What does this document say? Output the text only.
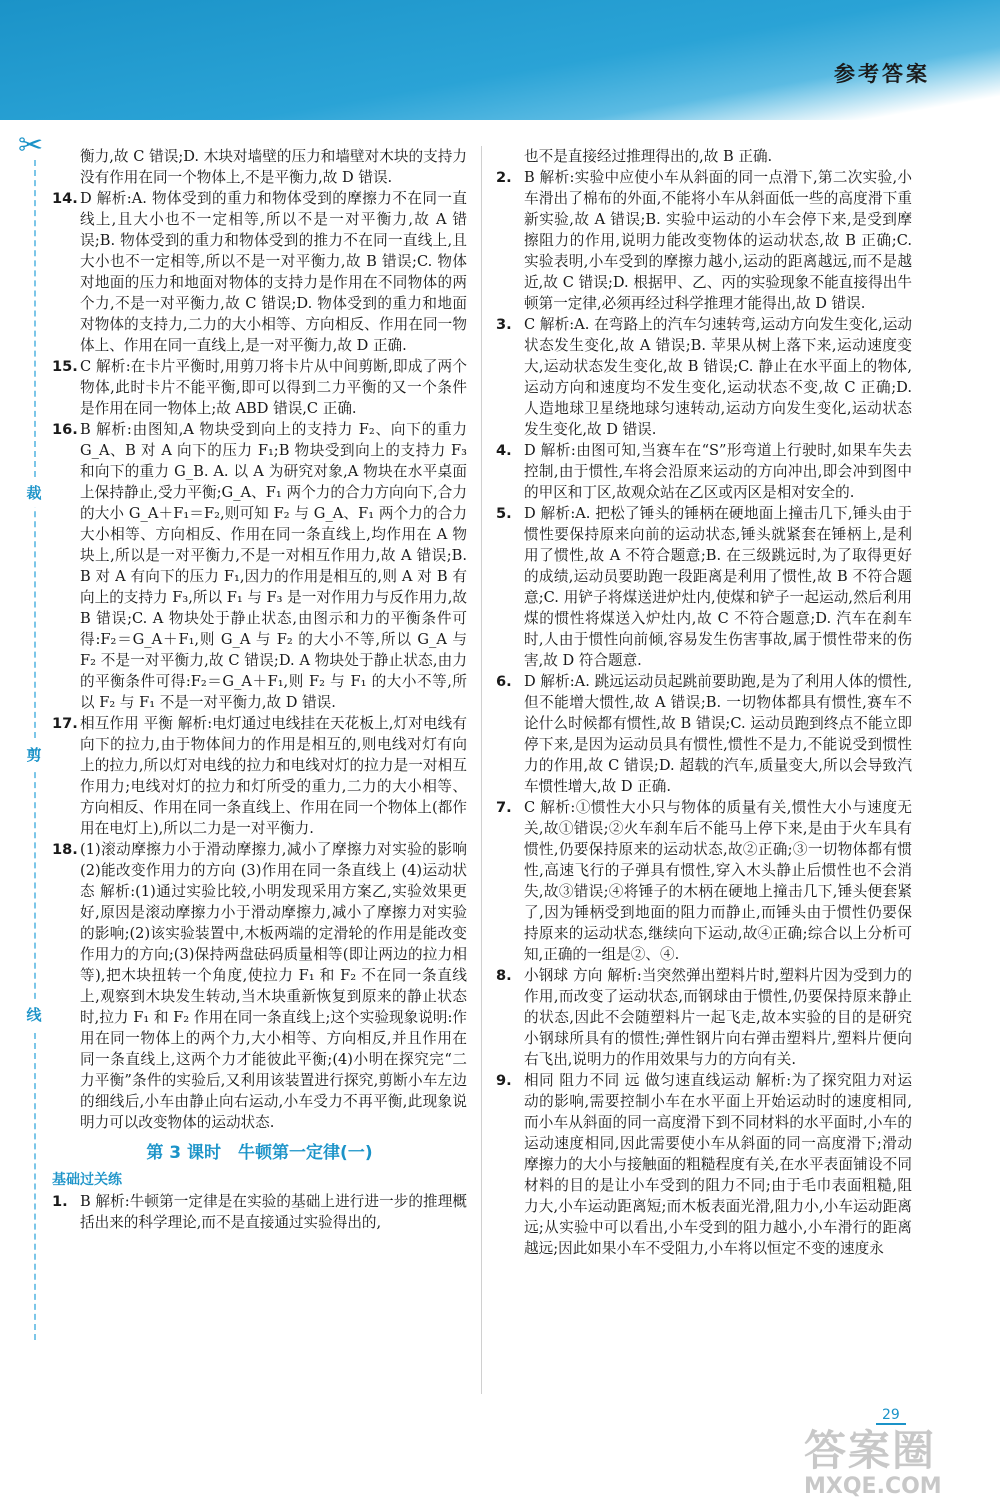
参考答案
✂
裁
剪
线

衡力,故 C 错误;D. 木块对墙壁的压力和墙壁对木块的支持力没有作用在同一个物体上,不是平衡力,故 D 错误.

14. D 解析:A. 物体受到的重力和物体受到的摩擦力不在同一直线上,且大小也不一定相等,所以不是一对平衡力,故 A 错误;B. 物体受到的重力和物体受到的推力不在同一直线上,且大小也不一定相等,所以不是一对平衡力,故 B 错误;C. 物体对地面的压力和地面对物体的支持力是作用在不同物体的两个力,不是一对平衡力,故 C 错误;D. 物体受到的重力和地面对物体的支持力,二力的大小相等、方向相反、作用在同一物体上、作用在同一直线上,是一对平衡力,故 D 正确.

15. C 解析:在卡片平衡时,用剪刀将卡片从中间剪断,即成了两个物体,此时卡片不能平衡,即可以得到二力平衡的又一个条件是作用在同一物体上;故 ABD 错误,C 正确.

16. B 解析:由图知,A 物块受到向上的支持力 F₂、向下的重力 G_A、B 对 A 向下的压力 F₁;B 物块受到向上的支持力 F₃ 和向下的重力 G_B. A. 以 A 为研究对象,A 物块在水平桌面上保持静止,受力平衡;G_A、F₁ 两个力的合力方向向下,合力的大小 G_A＋F₁＝F₂,则可知 F₂ 与 G_A、F₁ 两个力的合力大小相等、方向相反、作用在同一条直线上,均作用在 A 物块上,所以是一对平衡力,不是一对相互作用力,故 A 错误;B. B 对 A 有向下的压力 F₁,因力的作用是相互的,则 A 对 B 有向上的支持力 F₃,所以 F₁ 与 F₃ 是一对作用力与反作用力,故 B 错误;C. A 物块处于静止状态,由图示和力的平衡条件可得:F₂＝G_A＋F₁,则 G_A 与 F₂ 的大小不等,所以 G_A 与 F₂ 不是一对平衡力,故 C 错误;D. A 物块处于静止状态,由力的平衡条件可得:F₂＝G_A＋F₁,则 F₂ 与 F₁ 的大小不等,所以 F₂ 与 F₁ 不是一对平衡力,故 D 错误.

17. 相互作用 平衡 解析:电灯通过电线挂在天花板上,灯对电线有向下的拉力,由于物体间力的作用是相互的,则电线对灯有向上的拉力,所以灯对电线的拉力和电线对灯的拉力是一对相互作用力;电线对灯的拉力和灯所受的重力,二力的大小相等、方向相反、作用在同一条直线上、作用在同一个物体上(都作用在电灯上),所以二力是一对平衡力.

18. (1)滚动摩擦力小于滑动摩擦力,减小了摩擦力对实验的影响 (2)能改变作用力的方向 (3)作用在同一条直线上 (4)运动状态 解析:(1)通过实验比较,小明发现采用方案乙,实验效果更好,原因是滚动摩擦力小于滑动摩擦力,减小了摩擦力对实验的影响;(2)该实验装置中,木板两端的定滑轮的作用是能改变作用力的方向;(3)保持两盘砝码质量相等(即让两边的拉力相等),把木块扭转一个角度,使拉力 F₁ 和 F₂ 不在同一条直线上,观察到木块发生转动,当木块重新恢复到原来的静止状态时,拉力 F₁ 和 F₂ 作用在同一条直线上;这个实验现象说明:作用在同一物体上的两个力,大小相等、方向相反,并且作用在同一条直线上,这两个力才能彼此平衡;(4)小明在探究完“二力平衡”条件的实验后,又利用该装置进行探究,剪断小车左边的细线后,小车由静止向右运动,小车受力不再平衡,此现象说明力可以改变物体的运动状态.

第 3 课时　牛顿第一定律(一)
基础过关练

1. B 解析:牛顿第一定律是在实验的基础上进行进一步的推理概括出来的科学理论,而不是直接通过实验得出的,

也不是直接经过推理得出的,故 B 正确.

2. B 解析:实验中应使小车从斜面的同一点滑下,第二次实验,小车滑出了棉布的外面,不能将小车从斜面低一些的高度滑下重新实验,故 A 错误;B. 实验中运动的小车会停下来,是受到摩擦阻力的作用,说明力能改变物体的运动状态,故 B 正确;C. 实验表明,小车受到的摩擦力越小,运动的距离越远,而不是越近,故 C 错误;D. 根据甲、乙、丙的实验现象不能直接得出牛顿第一定律,必须再经过科学推理才能得出,故 D 错误.

3. C 解析:A. 在弯路上的汽车匀速转弯,运动方向发生变化,运动状态发生变化,故 A 错误;B. 苹果从树上落下来,运动速度变大,运动状态发生变化,故 B 错误;C. 静止在水平面上的物体,运动方向和速度均不发生变化,运动状态不变,故 C 正确;D. 人造地球卫星绕地球匀速转动,运动方向发生变化,运动状态发生变化,故 D 错误.

4. D 解析:由图可知,当赛车在“S”形弯道上行驶时,如果车失去控制,由于惯性,车将会沿原来运动的方向冲出,即会冲到图中的甲区和丁区,故观众站在乙区或丙区是相对安全的.

5. D 解析:A. 把松了锤头的锤柄在硬地面上撞击几下,锤头由于惯性要保持原来向前的运动状态,锤头就紧套在锤柄上,是利用了惯性,故 A 不符合题意;B. 在三级跳远时,为了取得更好的成绩,运动员要助跑一段距离是利用了惯性,故 B 不符合题意;C. 用铲子将煤送进炉灶内,使煤和铲子一起运动,然后利用煤的惯性将煤送入炉灶内,故 C 不符合题意;D. 汽车在刹车时,人由于惯性向前倾,容易发生伤害事故,属于惯性带来的伤害,故 D 符合题意.

6. D 解析:A. 跳远运动员起跳前要助跑,是为了利用人体的惯性,但不能增大惯性,故 A 错误;B. 一切物体都具有惯性,赛车不论什么时候都有惯性,故 B 错误;C. 运动员跑到终点不能立即停下来,是因为运动员具有惯性,惯性不是力,不能说受到惯性力的作用,故 C 错误;D. 超载的汽车,质量变大,所以会导致汽车惯性增大,故 D 正确.

7. C 解析:①惯性大小只与物体的质量有关,惯性大小与速度无关,故①错误;②火车刹车后不能马上停下来,是由于火车具有惯性,仍要保持原来的运动状态,故②正确;③一切物体都有惯性,高速飞行的子弹具有惯性,穿入木头静止后惯性也不会消失,故③错误;④将锤子的木柄在硬地上撞击几下,锤头便套紧了,因为锤柄受到地面的阻力而静止,而锤头由于惯性仍要保持原来的运动状态,继续向下运动,故④正确;综合以上分析可知,正确的一组是②、④.

8. 小钢球 方向 解析:当突然弹出塑料片时,塑料片因为受到力的作用,而改变了运动状态,而钢球由于惯性,仍要保持原来静止的状态,因此不会随塑料片一起飞走,故本实验的目的是研究小钢球所具有的惯性;弹性钢片向右弹击塑料片,塑料片便向右飞出,说明力的作用效果与力的方向有关.

9. 相同 阻力不同 远 做匀速直线运动 解析:为了探究阻力对运动的影响,需要控制小车在水平面上开始运动时的速度相同,而小车从斜面的同一高度滑下到不同材料的水平面时,小车的运动速度相同,因此需要使小车从斜面的同一高度滑下;滑动摩擦力的大小与接触面的粗糙程度有关,在水平表面铺设不同材料的目的是让小车受到的阻力不同;由于毛巾表面粗糙,阻力大,小车运动距离短;而木板表面光滑,阻力小,小车运动距离远;从实验中可以看出,小车受到的阻力越小,小车滑行的距离越远;因此如果小车不受阻力,小车将以恒定不变的速度永

29
答案圈
MXQE.COM
